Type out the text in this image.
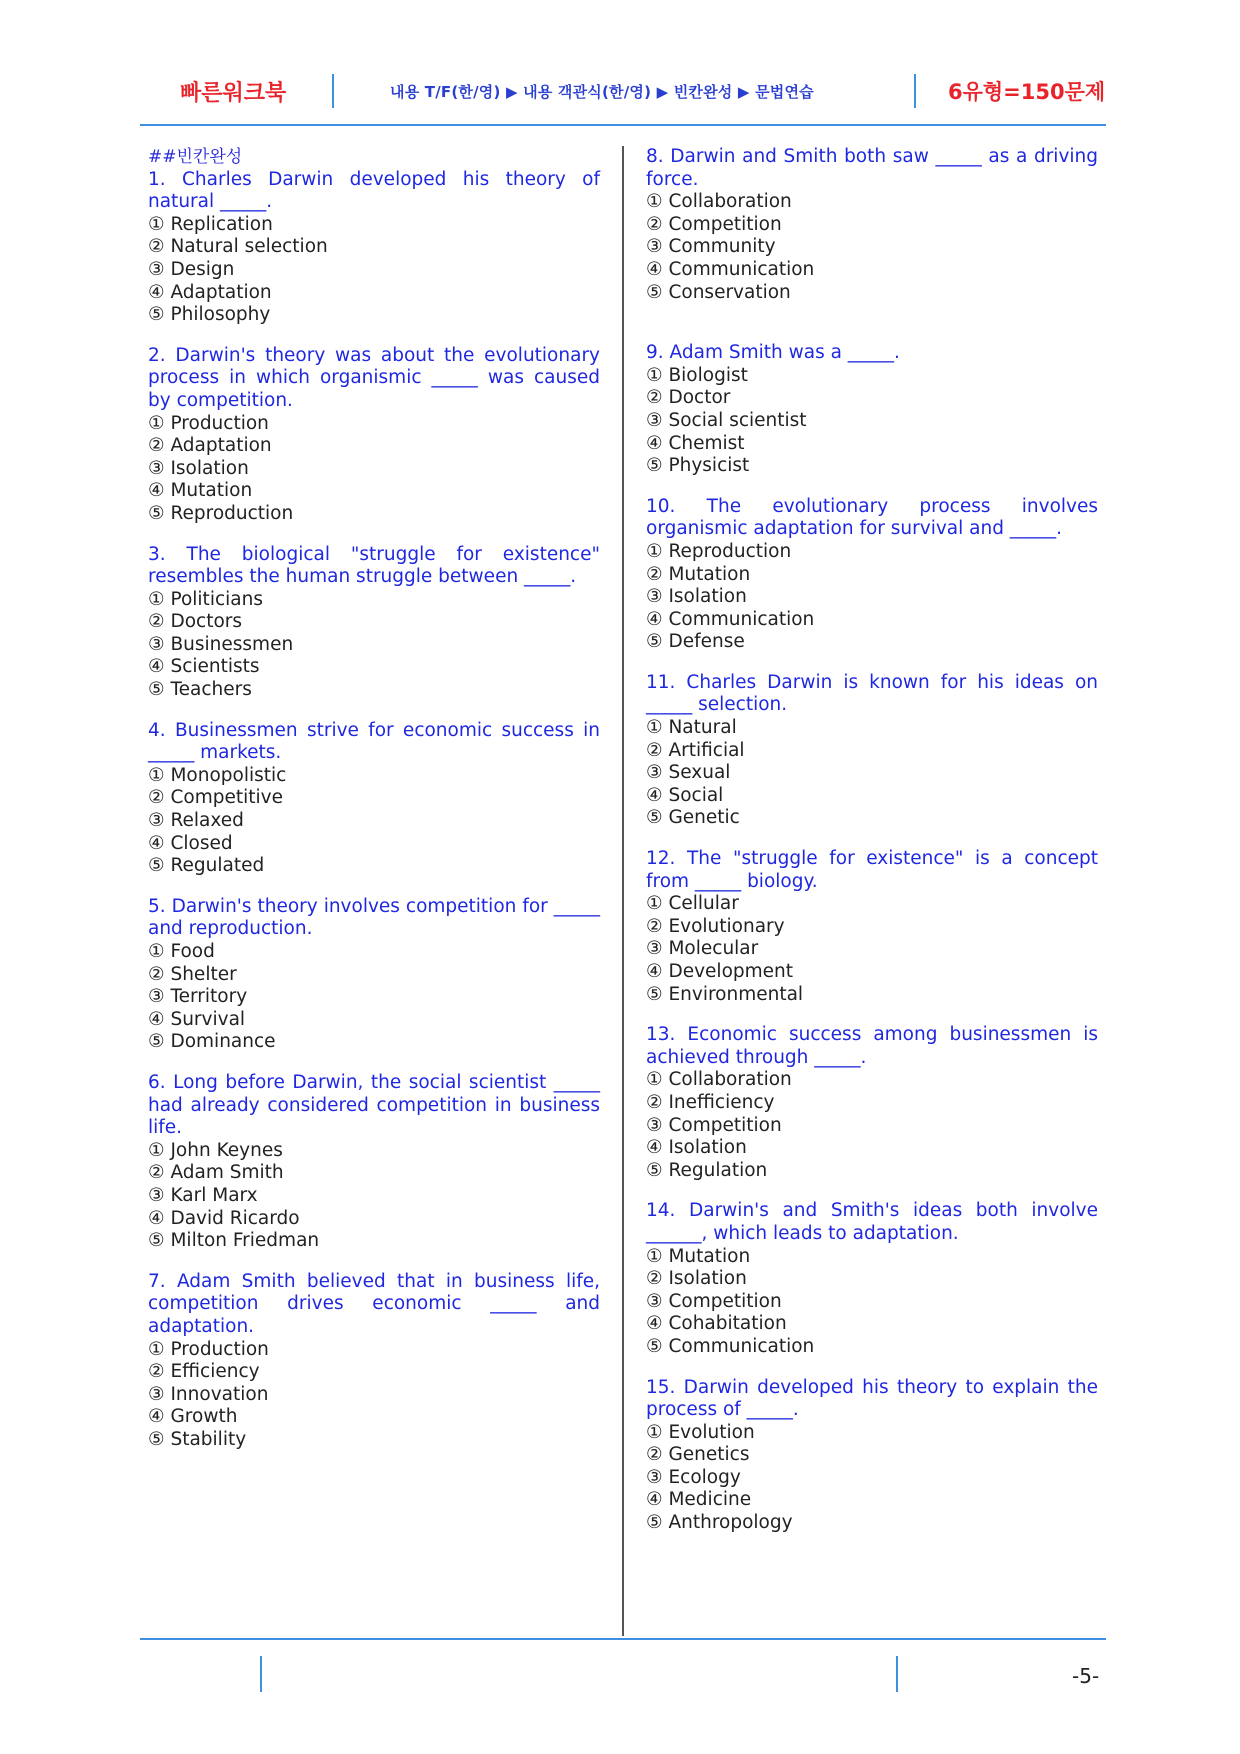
빠른워크북	내용 T/F(한/영) ▶ 내용 객관식(한/영) ▶ 빈칸완성 ▶ 문법연습	6유형=150문제
##빈칸완성
1. Charles Darwin developed his theory of natural _____.
① Replication
② Natural selection
③ Design
④ Adaptation
⑤ Philosophy
2. Darwin's theory was about the evolutionary process in which organismic _____ was caused by competition.
① Production
② Adaptation
③ Isolation
④ Mutation
⑤ Reproduction
3. The biological "struggle for existence" resembles the human struggle between _____.
① Politicians
② Doctors
③ Businessmen
④ Scientists
⑤ Teachers
4. Businessmen strive for economic success in _____ markets.
① Monopolistic
② Competitive
③ Relaxed
④ Closed
⑤ Regulated
5. Darwin's theory involves competition for _____ and reproduction.
① Food
② Shelter
③ Territory
④ Survival
⑤ Dominance
6. Long before Darwin, the social scientist _____ had already considered competition in business life.
① John Keynes
② Adam Smith
③ Karl Marx
④ David Ricardo
⑤ Milton Friedman
7. Adam Smith believed that in business life, competition drives economic _____ and adaptation.
① Production
② Efficiency
③ Innovation
④ Growth
⑤ Stability
8. Darwin and Smith both saw _____ as a driving force.
① Collaboration
② Competition
③ Community
④ Communication
⑤ Conservation
9. Adam Smith was a _____.
① Biologist
② Doctor
③ Social scientist
④ Chemist
⑤ Physicist
10. The evolutionary process involves organismic adaptation for survival and _____.
① Reproduction
② Mutation
③ Isolation
④ Communication
⑤ Defense
11. Charles Darwin is known for his ideas on _____ selection.
① Natural
② Artificial
③ Sexual
④ Social
⑤ Genetic
12. The "struggle for existence" is a concept from _____ biology.
① Cellular
② Evolutionary
③ Molecular
④ Development
⑤ Environmental
13. Economic success among businessmen is achieved through _____.
① Collaboration
② Inefficiency
③ Competition
④ Isolation
⑤ Regulation
14. Darwin's and Smith's ideas both involve ______, which leads to adaptation.
① Mutation
② Isolation
③ Competition
④ Cohabitation
⑤ Communication
15. Darwin developed his theory to explain the process of _____.
① Evolution
② Genetics
③ Ecology
④ Medicine
⑤ Anthropology
-5-
